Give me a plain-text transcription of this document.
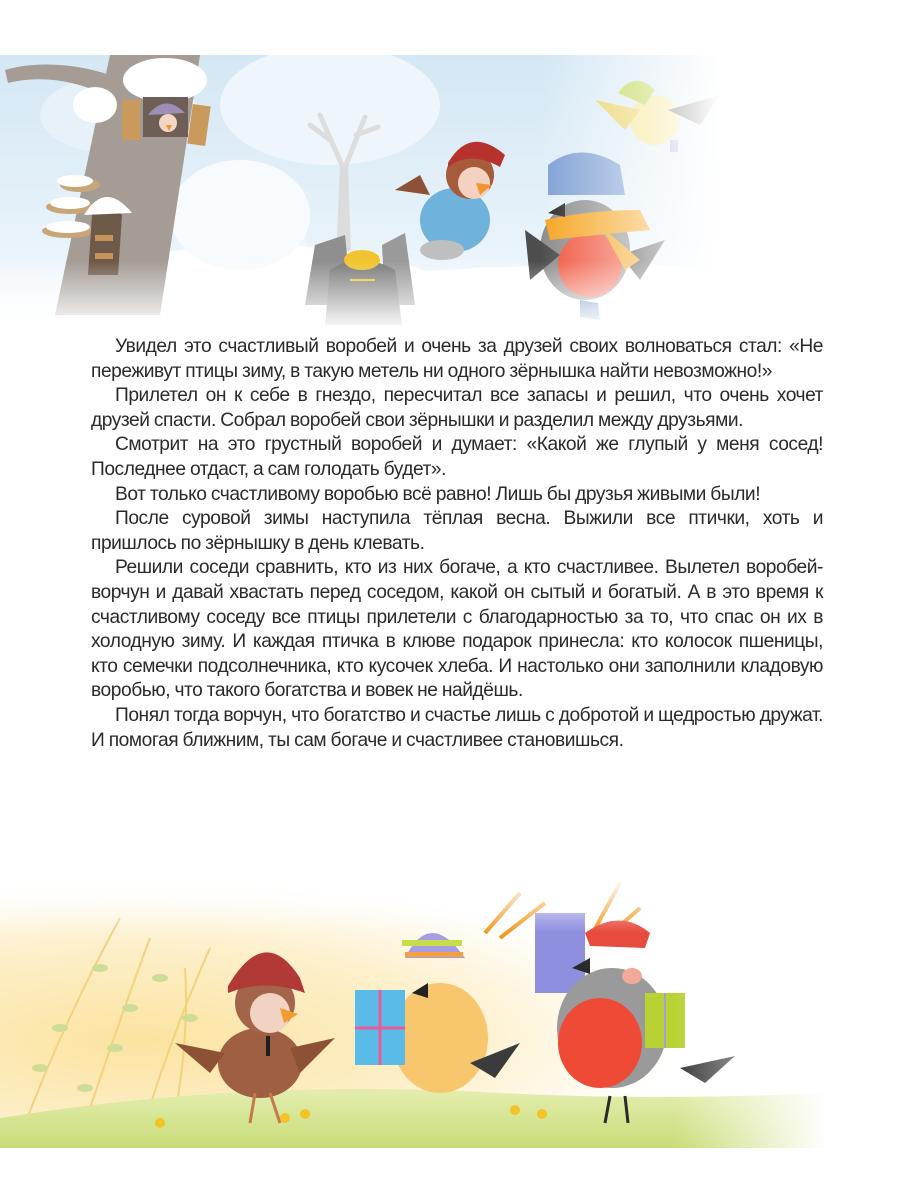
Увидел это счастливый воробей и очень за друзей своих волноваться стал: «Не переживут птицы зиму, в такую метель ни одного зёрнышка найти невозможно!»

Прилетел он к себе в гнездо, пересчитал все запасы и решил, что очень хочет друзей спасти. Собрал воробей свои зёрнышки и разделил между друзьями.

Смотрит на это грустный воробей и думает: «Какой же глупый у меня сосед! Последнее отдаст, а сам голодать будет».

Вот только счастливому воробью всё равно! Лишь бы друзья живыми были!

После суровой зимы наступила тёплая весна. Выжили все птички, хоть и пришлось по зёрнышку в день клевать.

Решили соседи сравнить, кто из них богаче, а кто счастливее. Вылетел воробей-ворчун и давай хвастать перед соседом, какой он сытый и богатый. А в это время к счастливому соседу все птицы прилетели с благодарностью за то, что спас он их в холодную зиму. И каждая птичка в клюве подарок принесла: кто колосок пшеницы, кто семечки подсолнечника, кто кусочек хлеба. И настолько они заполнили кладовую воробью, что такого богатства и вовек не найдёшь.

Понял тогда ворчун, что богатство и счастье лишь с добротой и щедростью дружат. И помогая ближним, ты сам богаче и счастливее становишься.
